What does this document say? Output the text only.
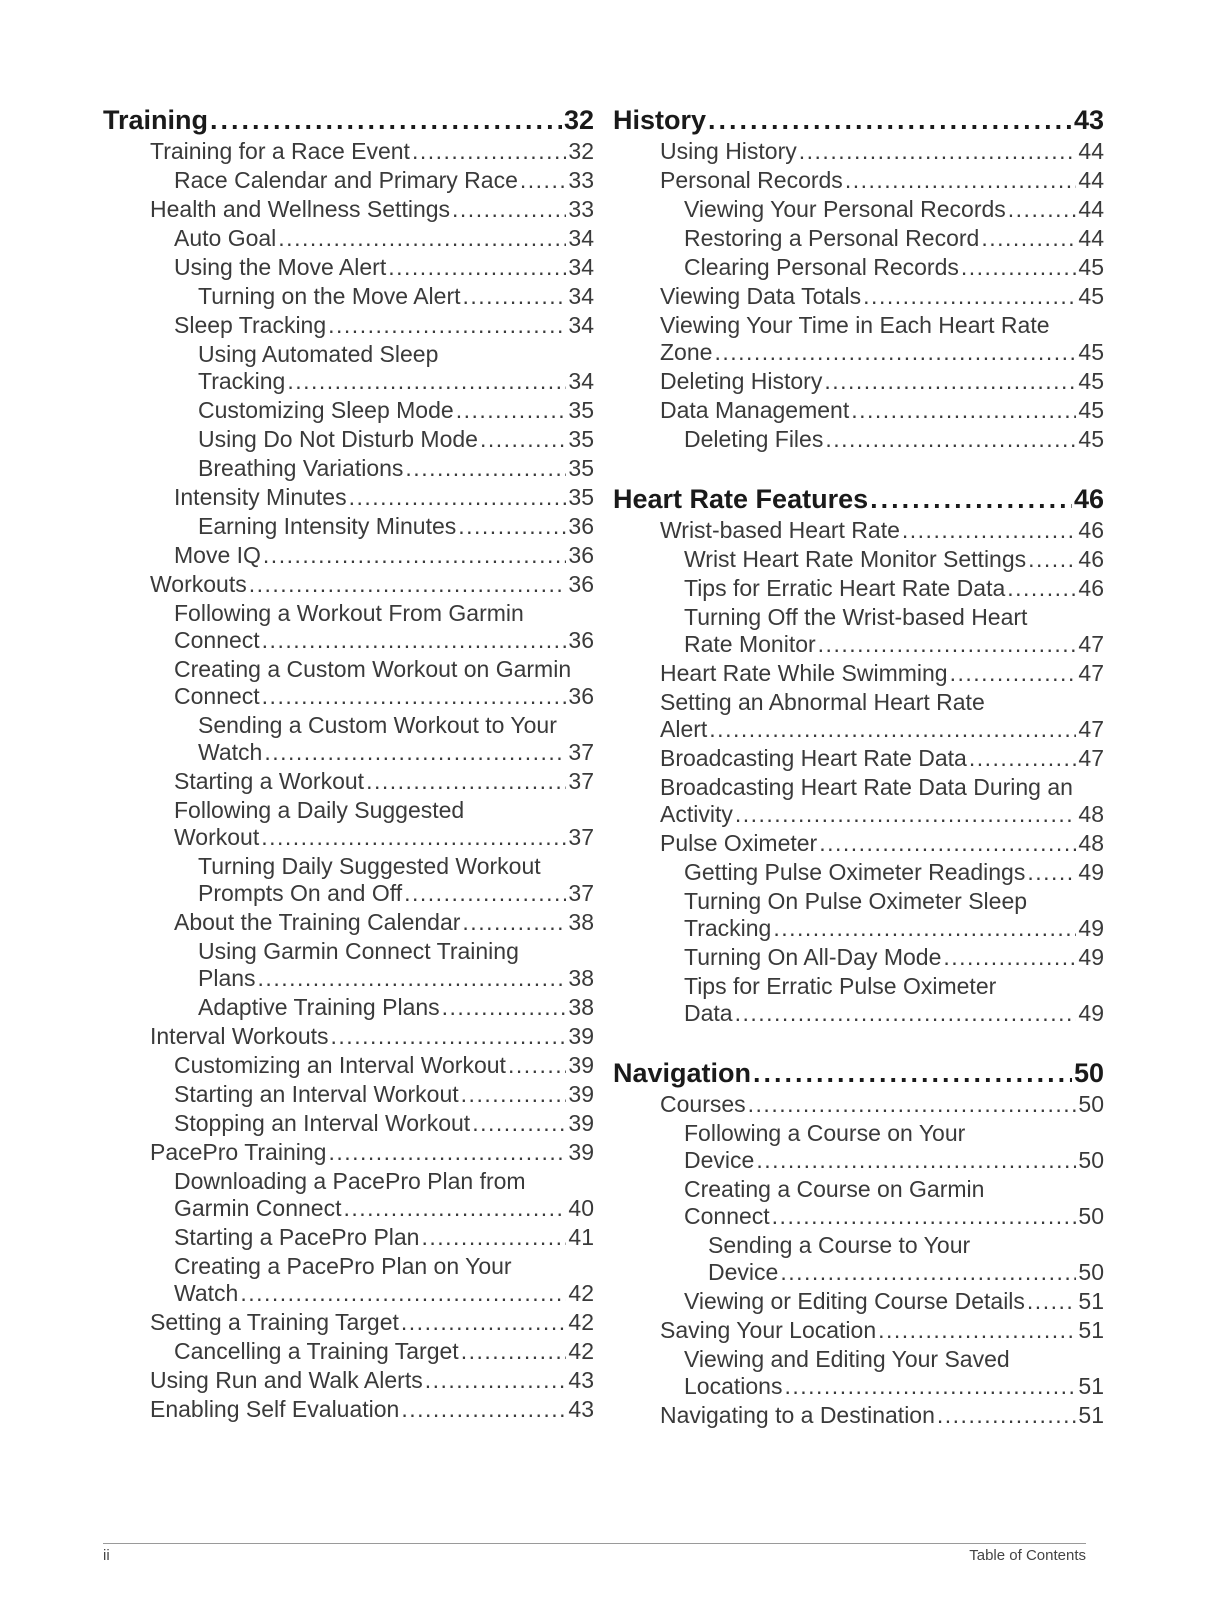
Training .....	32
Training for a Race Event .....	32
Race Calendar and Primary Race ..... 33
Health and Wellness Settings .....	33
Auto Goal .....	34
Using the Move Alert .....	34
Turning on the Move Alert .....	34
Sleep Tracking .....	34
Using Automated Sleep
Tracking .....	34
Customizing Sleep Mode .....	35
Using Do Not Disturb Mode .....	35
Breathing Variations .....	35
Intensity Minutes .....	35
Earning Intensity Minutes .....	36
Move IQ .....	36
Workouts .....	36
Following a Workout From Garmin
Connect .....	36
Creating a Custom Workout on Garmin
Connect .....	36
Sending a Custom Workout to Your
Watch .....	37
Starting a Workout .....	37
Following a Daily Suggested
Workout .....	37
Turning Daily Suggested Workout
Prompts On and Off .....	37
About the Training Calendar .....	38
Using Garmin Connect Training
Plans .....	38
Adaptive Training Plans .....	38
Interval Workouts .....	39
Customizing an Interval Workout .....	39
Starting an Interval Workout .....	39
Stopping an Interval Workout .....	39
PacePro Training .....	39
Downloading a PacePro Plan from
Garmin Connect .....	40
Starting a PacePro Plan .....	41
Creating a PacePro Plan on Your
Watch .....	42
Setting a Training Target .....	42
Cancelling a Training Target .....	42
Using Run and Walk Alerts .....	43
Enabling Self Evaluation .....	43
History .....	43
Using History .....	44
Personal Records .....	44
Viewing Your Personal Records .....	44
Restoring a Personal Record .....	44
Clearing Personal Records .....	45
Viewing Data Totals .....	45
Viewing Your Time in Each Heart Rate
Zone .....	45
Deleting History .....	45
Data Management .....	45
Deleting Files .....	45
Heart Rate Features .....	46
Wrist-based Heart Rate .....	46
Wrist Heart Rate Monitor Settings ..... 46
Tips for Erratic Heart Rate Data .....	46
Turning Off the Wrist-based Heart
Rate Monitor .....	47
Heart Rate While Swimming .....	47
Setting an Abnormal Heart Rate
Alert .....	47
Broadcasting Heart Rate Data .....	47
Broadcasting Heart Rate Data During an
Activity .....	48
Pulse Oximeter .....	48
Getting Pulse Oximeter Readings ..... 49
Turning On Pulse Oximeter Sleep
Tracking .....	49
Turning On All-Day Mode .....	49
Tips for Erratic Pulse Oximeter
Data .....	49
Navigation .....	50
Courses .....	50
Following a Course on Your
Device .....	50
Creating a Course on Garmin
Connect .....	50
Sending a Course to Your
Device .....	50
Viewing or Editing Course Details ..... 51
Saving Your Location .....	51
Viewing and Editing Your Saved
Locations .....	51
Navigating to a Destination .....	51
ii	Table of Contents
